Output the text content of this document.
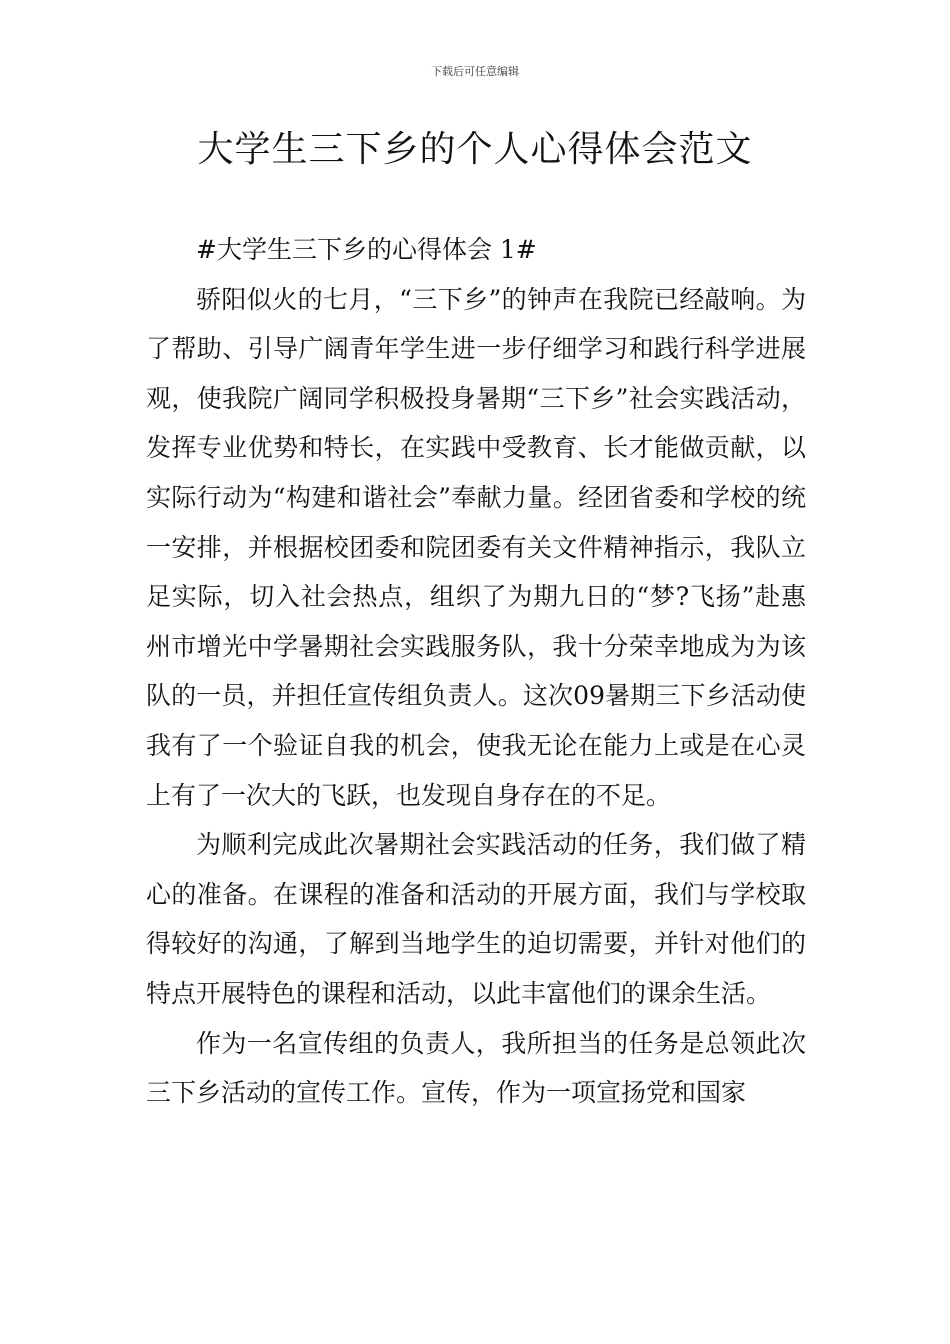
下载后可任意编辑
大学生三下乡的个人心得体会范文

#大学生三下乡的心得体会 1#

骄阳似火的七月，“三下乡”的钟声在我院已经敲响。为了帮助、引导广阔青年学生进一步仔细学习和践行科学进展观，使我院广阔同学积极投身暑期“三下乡”社会实践活动，发挥专业优势和特长，在实践中受教育、长才能做贡献，以实际行动为“构建和谐社会”奉献力量。经团省委和学校的统一安排，并根据校团委和院团委有关文件精神指示，我队立足实际，切入社会热点，组织了为期九日的“梦?飞扬”赴惠州市增光中学暑期社会实践服务队，我十分荣幸地成为为该队的一员，并担任宣传组负责人。这次09暑期三下乡活动使我有了一个验证自我的机会，使我无论在能力上或是在心灵上有了一次大的飞跃，也发现自身存在的不足。

为顺利完成此次暑期社会实践活动的任务，我们做了精心的准备。在课程的准备和活动的开展方面，我们与学校取得较好的沟通，了解到当地学生的迫切需要，并针对他们的特点开展特色的课程和活动，以此丰富他们的课余生活。

作为一名宣传组的负责人，我所担当的任务是总领此次三下乡活动的宣传工作。宣传，作为一项宣扬党和国家
